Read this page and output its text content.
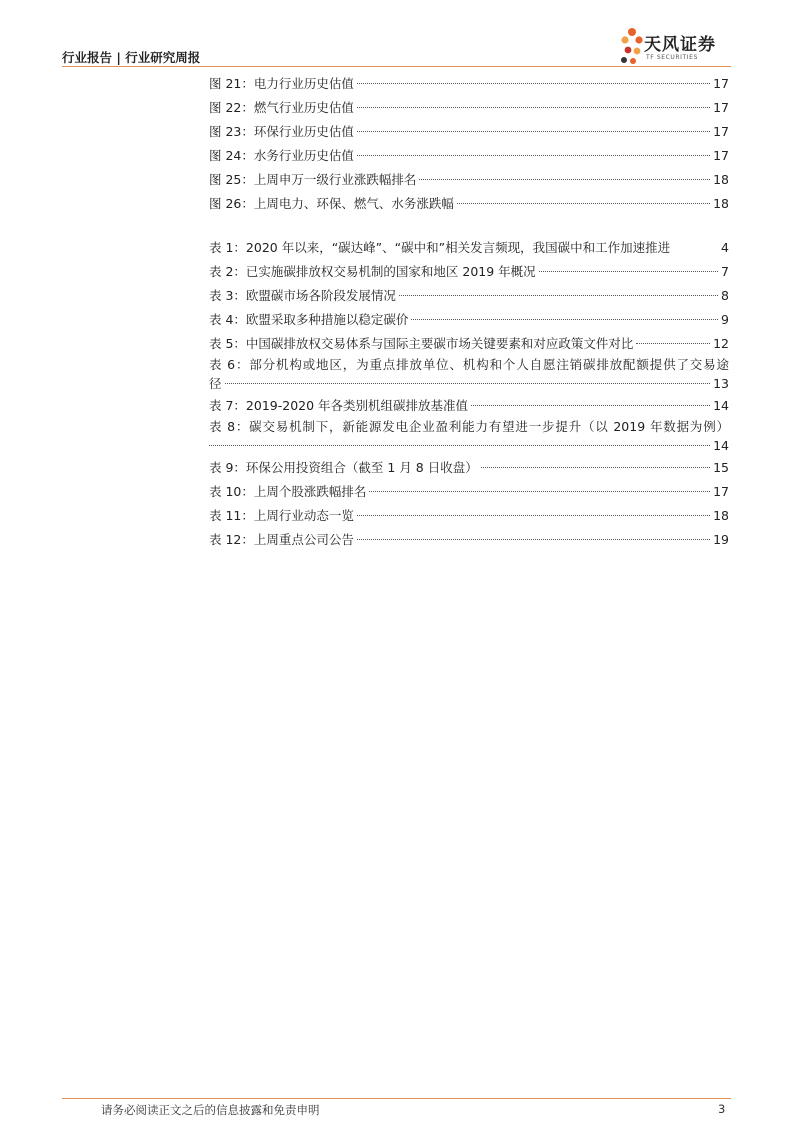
行业报告 | 行业研究周报
天风证券
TF SECURITIES
图 21：电力行业历史估值	17
图 22：燃气行业历史估值	17
图 23：环保行业历史估值	17
图 24：水务行业历史估值	17
图 25：上周申万一级行业涨跌幅排名	18
图 26：上周电力、环保、燃气、水务涨跌幅	18
表 1：2020 年以来，“碳达峰”、“碳中和”相关发言频现，我国碳中和工作加速推进	4
表 2：已实施碳排放权交易机制的国家和地区 2019 年概况	7
表 3：欧盟碳市场各阶段发展情况	8
表 4：欧盟采取多种措施以稳定碳价	9
表 5：中国碳排放权交易体系与国际主要碳市场关键要素和对应政策文件对比	12
表 6：部分机构或地区，为重点排放单位、机构和个人自愿注销碳排放配额提供了交易途
径	13
表 7：2019-2020 年各类别机组碳排放基准值	14
表 8：碳交易机制下，新能源发电企业盈利能力有望进一步提升（以 2019 年数据为例）
14
表 9：环保公用投资组合（截至 1 月 8 日收盘）	15
表 10：上周个股涨跌幅排名	17
表 11：上周行业动态一览	18
表 12：上周重点公司公告	19
请务必阅读正文之后的信息披露和免责申明	3
